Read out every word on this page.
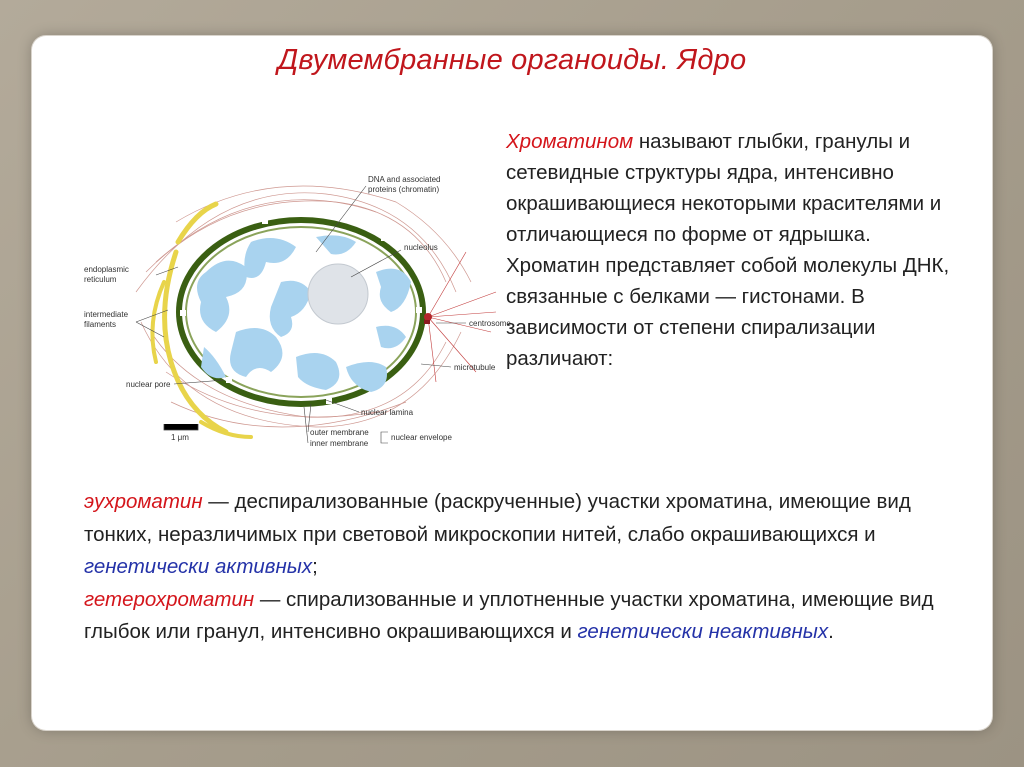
Двумембранные органоиды. Ядро
DNA and associated
proteins (chromatin)
nucleolus
endoplasmic
reticulum
intermediate
filaments	centrosome
microtubule
nuclear pore
nuclear lamina
outer membrane
inner membrane
nuclear envelope
1 μm
Хроматином называют глыбки, гранулы и сетевидные структуры ядра, интенсивно окрашивающиеся некоторыми красителями и отличающиеся по форме от ядрышка. Хроматин представляет собой молекулы ДНК, связанные с белками — гистонами. В зависимости от степени спирализации различают:
эухроматин — деспирализованные (раскрученные) участки хроматина, имеющие вид тонких, неразличимых при световой микроскопии нитей, слабо окрашивающихся и генетически активных;
гетерохроматин — спирализованные и уплотненные участки хроматина, имеющие вид глыбок или гранул, интенсивно окрашивающихся и генетически неактивных.
